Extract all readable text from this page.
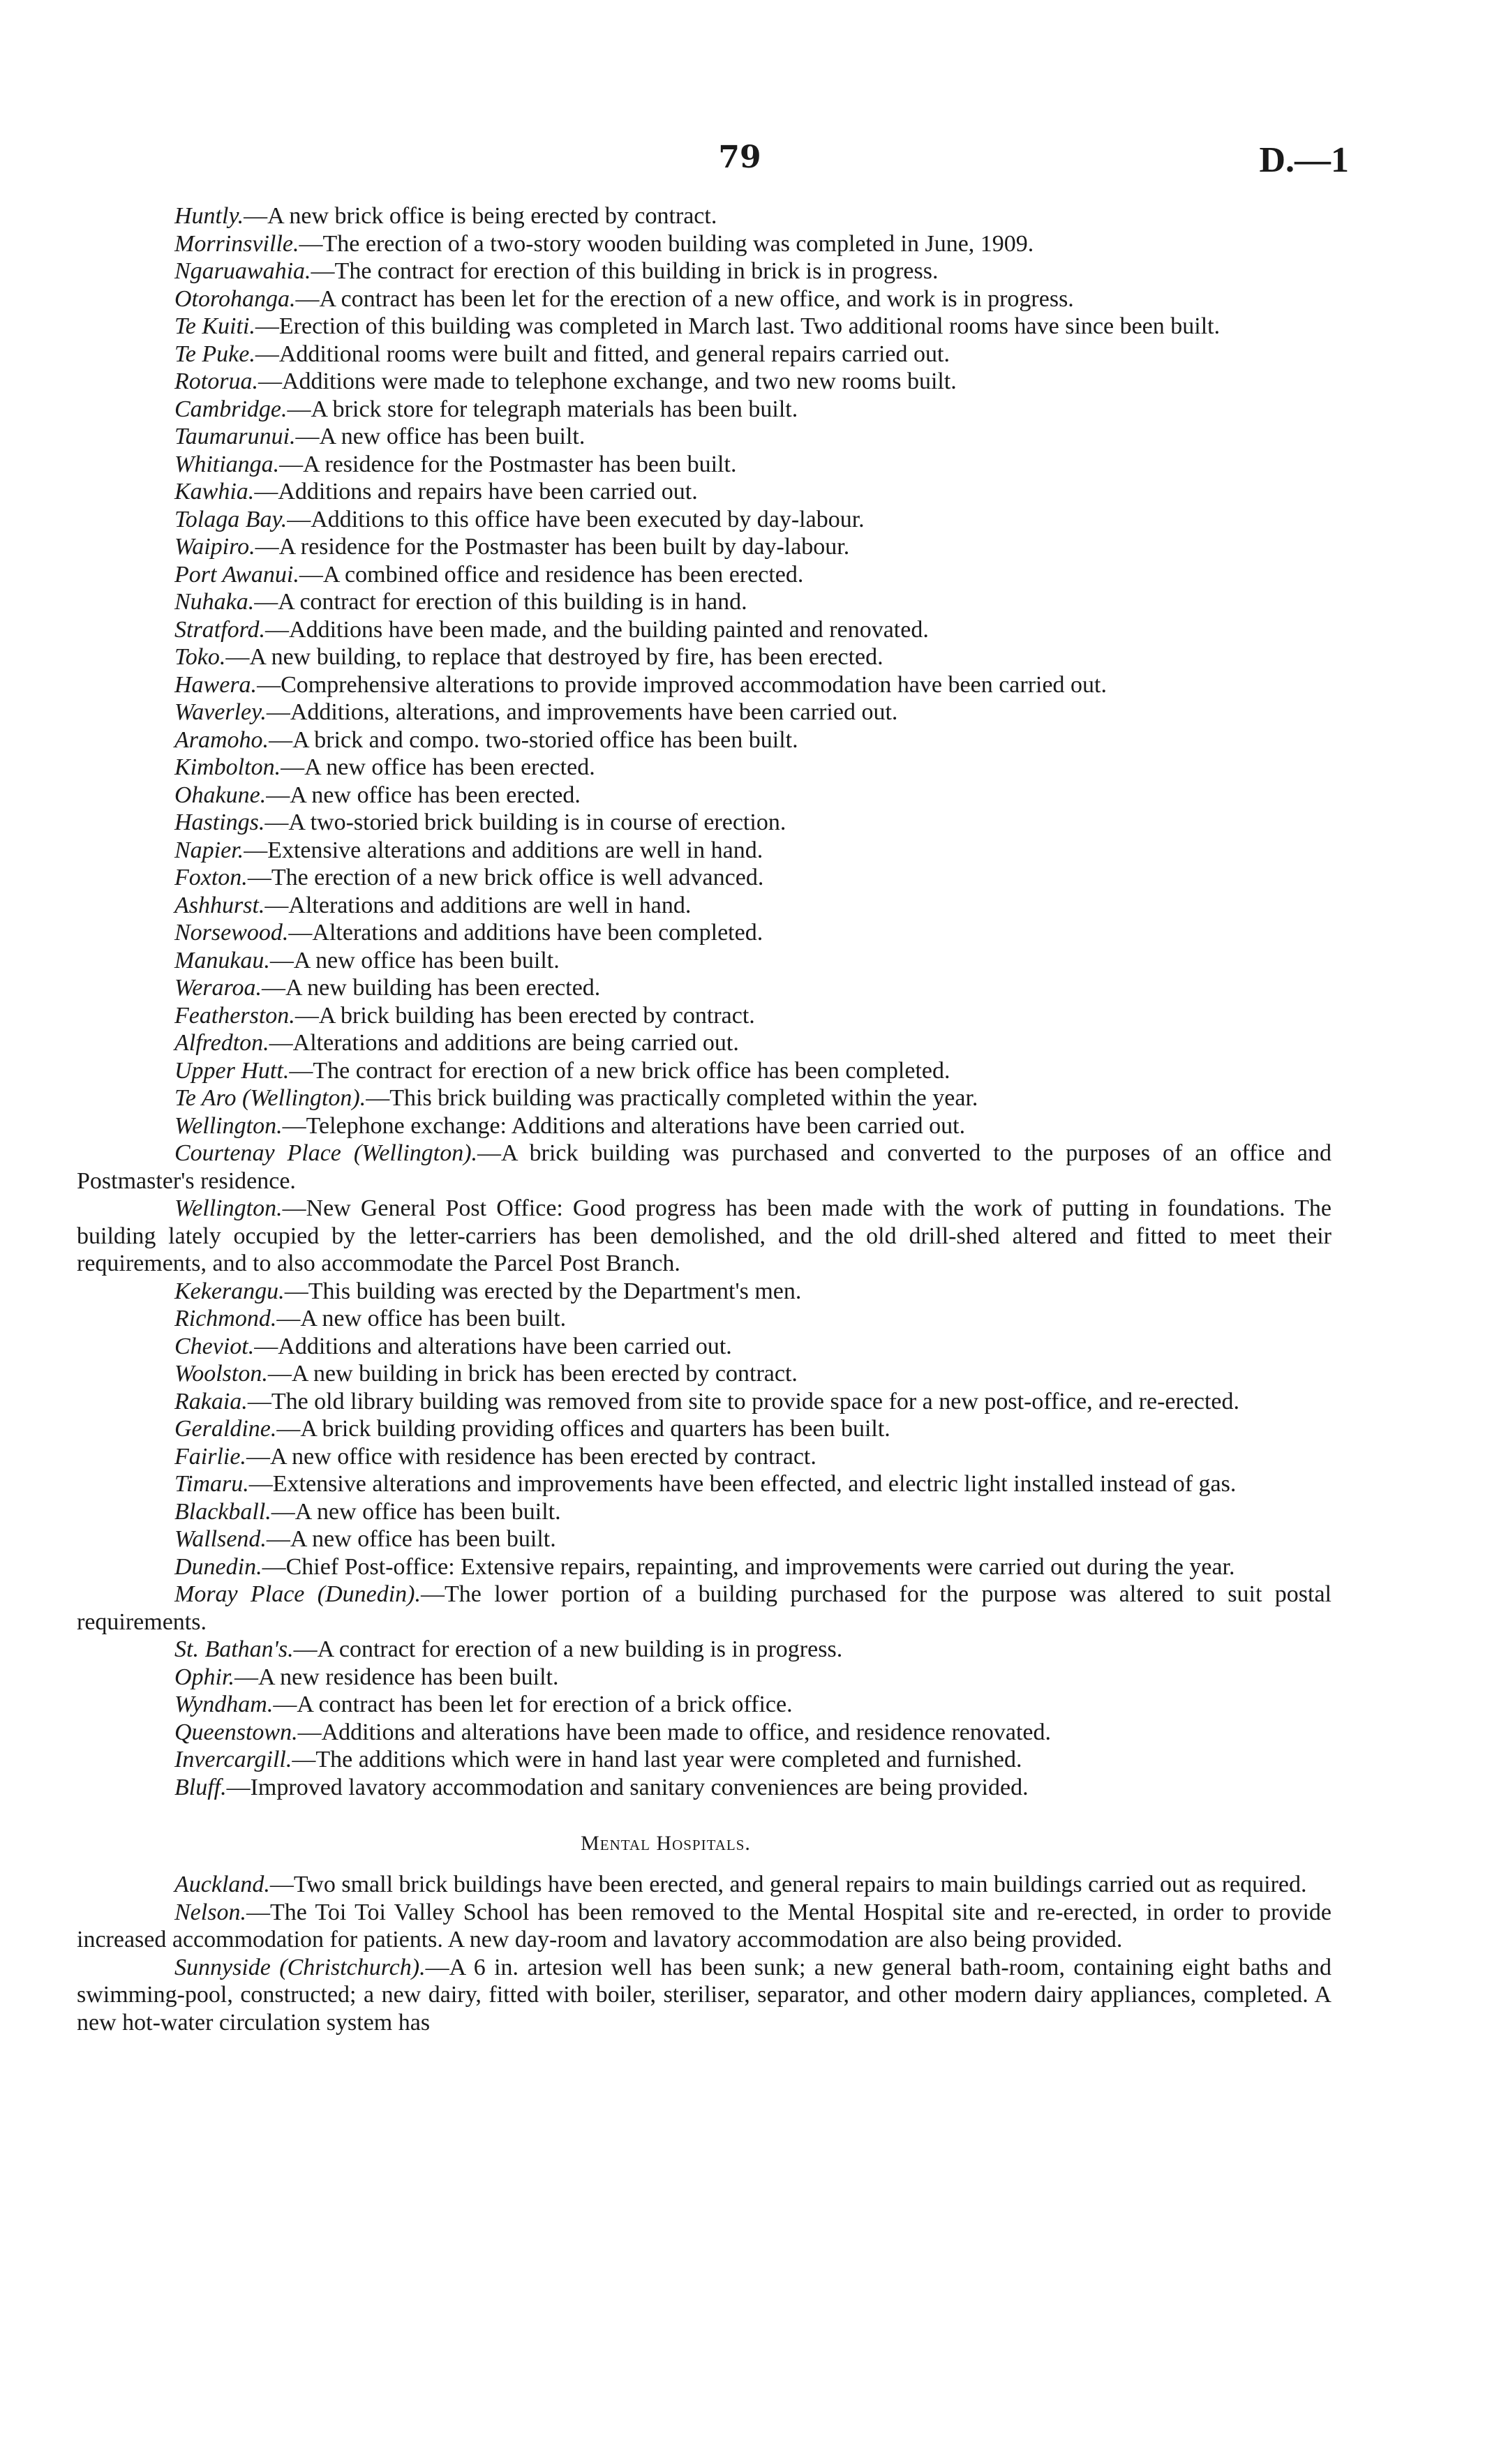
79	D.—1

Huntly.—A new brick office is being erected by contract.

Morrinsville.—The erection of a two-story wooden building was completed in June, 1909.

Ngaruawahia.—The contract for erection of this building in brick is in progress.

Otorohanga.—A contract has been let for the erection of a new office, and work is in progress.

Te Kuiti.—Erection of this building was completed in March last. Two additional rooms have since been built.

Te Puke.—Additional rooms were built and fitted, and general repairs carried out.

Rotorua.—Additions were made to telephone exchange, and two new rooms built.

Cambridge.—A brick store for telegraph materials has been built.

Taumarunui.—A new office has been built.

Whitianga.—A residence for the Postmaster has been built.

Kawhia.—Additions and repairs have been carried out.

Tolaga Bay.—Additions to this office have been executed by day-labour.

Waipiro.—A residence for the Postmaster has been built by day-labour.

Port Awanui.—A combined office and residence has been erected.

Nuhaka.—A contract for erection of this building is in hand.

Stratford.—Additions have been made, and the building painted and renovated.

Toko.—A new building, to replace that destroyed by fire, has been erected.

Hawera.—Comprehensive alterations to provide improved accommodation have been carried out.

Waverley.—Additions, alterations, and improvements have been carried out.

Aramoho.—A brick and compo. two-storied office has been built.

Kimbolton.—A new office has been erected.

Ohakune.—A new office has been erected.

Hastings.—A two-storied brick building is in course of erection.

Napier.—Extensive alterations and additions are well in hand.

Foxton.—The erection of a new brick office is well advanced.

Ashhurst.—Alterations and additions are well in hand.

Norsewood.—Alterations and additions have been completed.

Manukau.—A new office has been built.

Weraroa.—A new building has been erected.

Featherston.—A brick building has been erected by contract.

Alfredton.—Alterations and additions are being carried out.

Upper Hutt.—The contract for erection of a new brick office has been completed.

Te Aro (Wellington).—This brick building was practically completed within the year.

Wellington.—Telephone exchange: Additions and alterations have been carried out.

Courtenay Place (Wellington).—A brick building was purchased and converted to the purposes of an office and Postmaster's residence.

Wellington.—New General Post Office: Good progress has been made with the work of putting in foundations. The building lately occupied by the letter-carriers has been demolished, and the old drill-shed altered and fitted to meet their requirements, and to also accommodate the Parcel Post Branch.

Kekerangu.—This building was erected by the Department's men.

Richmond.—A new office has been built.

Cheviot.—Additions and alterations have been carried out.

Woolston.—A new building in brick has been erected by contract.

Rakaia.—The old library building was removed from site to provide space for a new post-office, and re-erected.

Geraldine.—A brick building providing offices and quarters has been built.

Fairlie.—A new office with residence has been erected by contract.

Timaru.—Extensive alterations and improvements have been effected, and electric light installed instead of gas.

Blackball.—A new office has been built.

Wallsend.—A new office has been built.

Dunedin.—Chief Post-office: Extensive repairs, repainting, and improvements were carried out during the year.

Moray Place (Dunedin).—The lower portion of a building purchased for the purpose was altered to suit postal requirements.

St. Bathan's.—A contract for erection of a new building is in progress.

Ophir.—A new residence has been built.

Wyndham.—A contract has been let for erection of a brick office.

Queenstown.—Additions and alterations have been made to office, and residence renovated.

Invercargill.—The additions which were in hand last year were completed and furnished.

Bluff.—Improved lavatory accommodation and sanitary conveniences are being provided.

Mental Hospitals.

Auckland.—Two small brick buildings have been erected, and general repairs to main buildings carried out as required.

Nelson.—The Toi Toi Valley School has been removed to the Mental Hospital site and re-erected, in order to provide increased accommodation for patients. A new day-room and lavatory accommodation are also being provided.

Sunnyside (Christchurch).—A 6 in. artesion well has been sunk; a new general bath-room, containing eight baths and swimming-pool, constructed; a new dairy, fitted with boiler, steriliser, separator, and other modern dairy appliances, completed. A new hot-water circulation system has
